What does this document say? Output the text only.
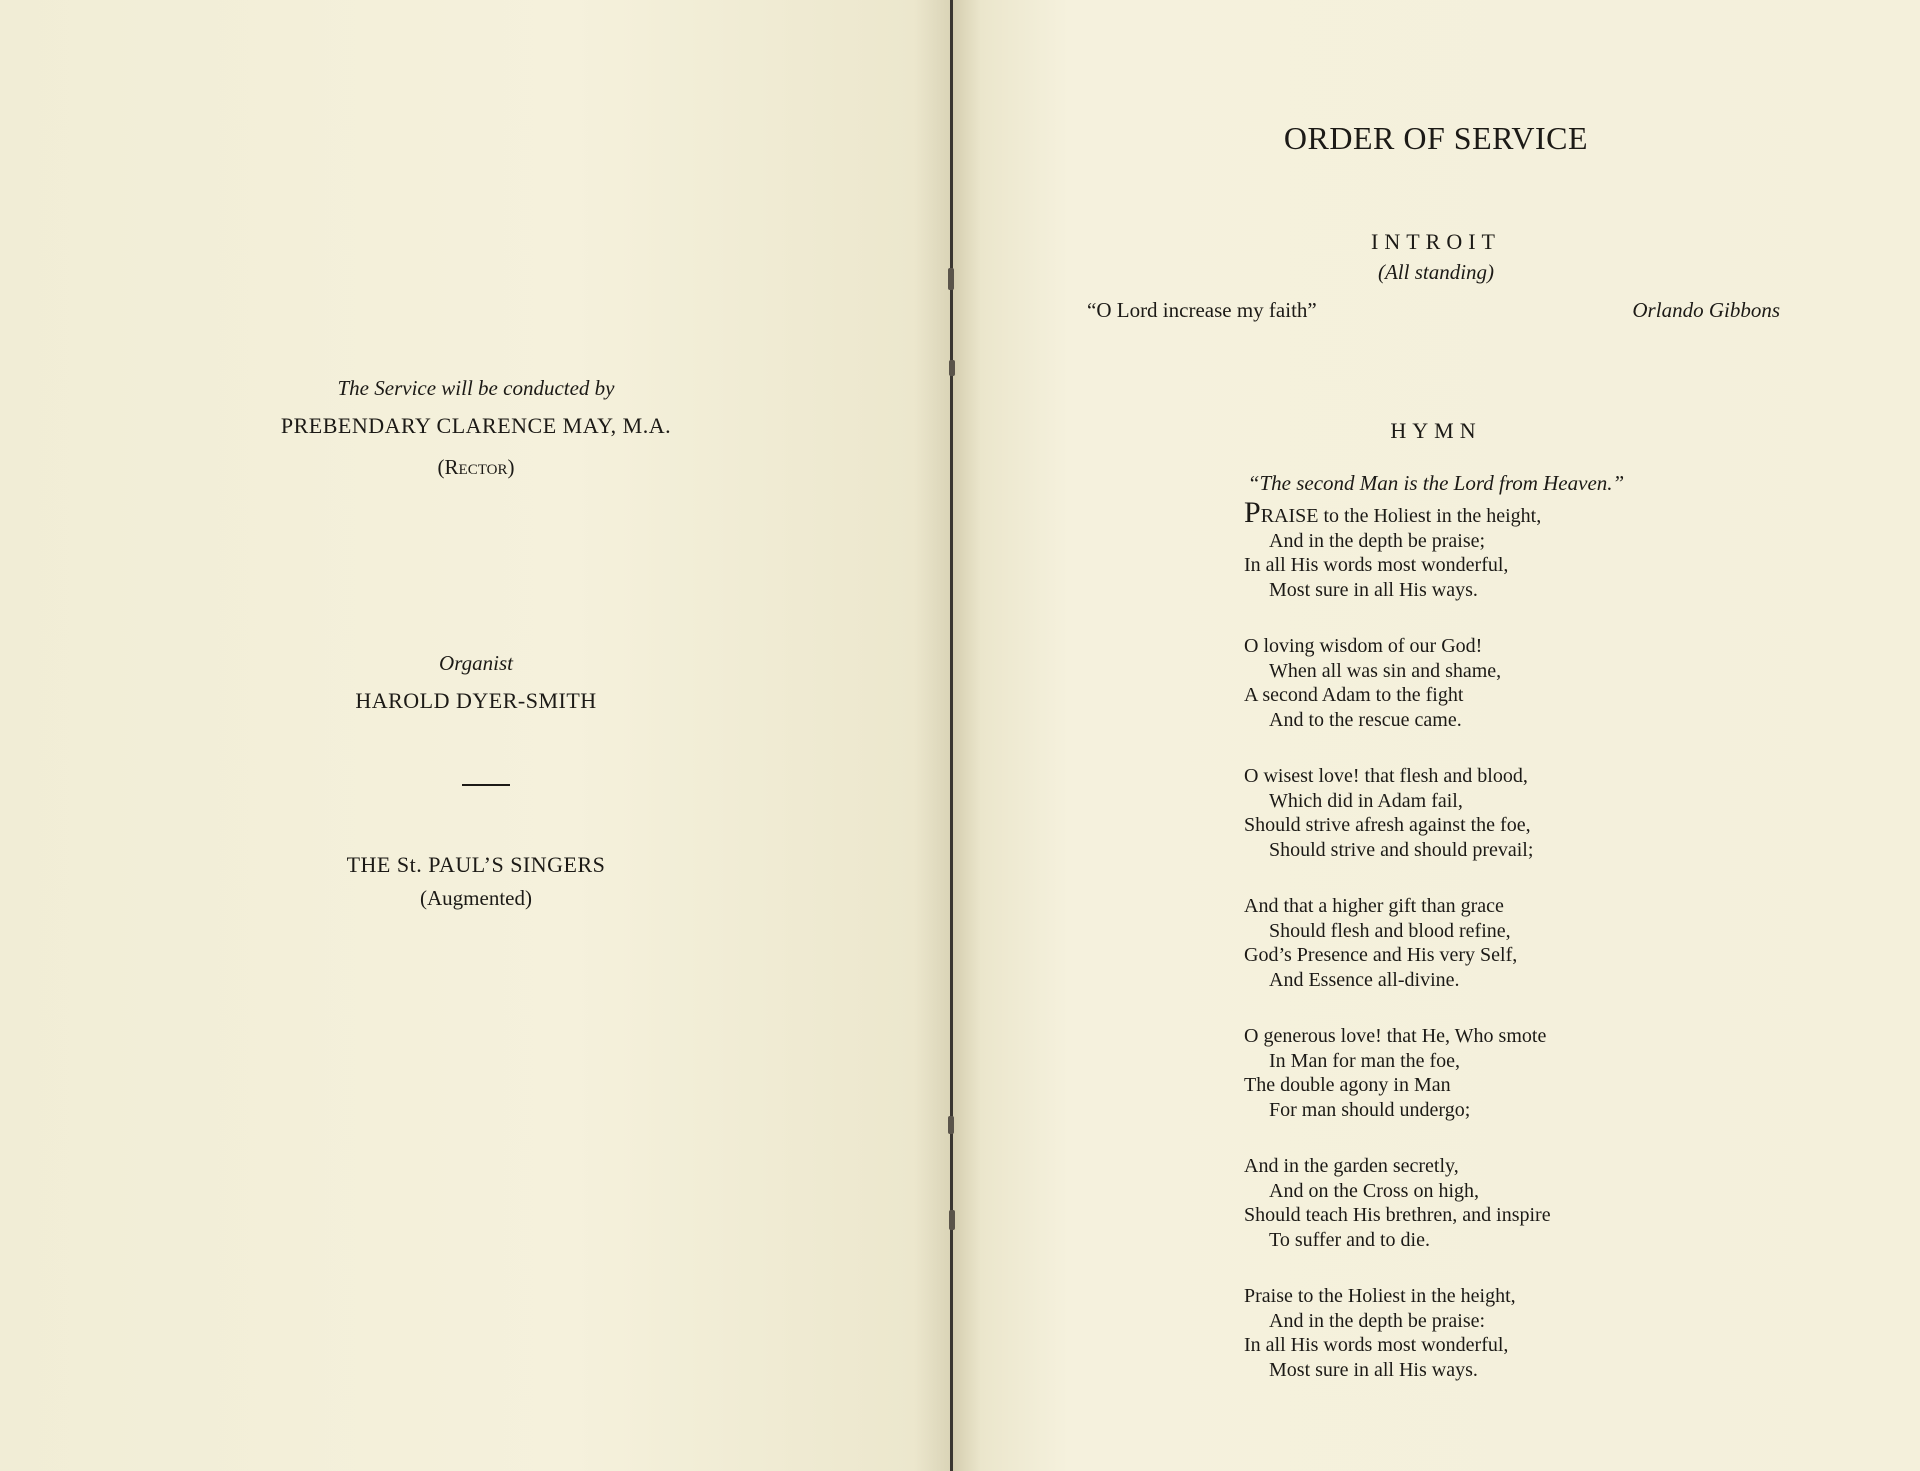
The Service will be conducted by
PREBENDARY CLARENCE MAY, M.A.
(Rector)
Organist
HAROLD DYER-SMITH
THE St. PAUL’S SINGERS
(Augmented)
ORDER OF SERVICE
INTROIT
(All standing)
“O Lord increase my faith”	Orlando Gibbons
HYMN
“The second Man is the Lord from Heaven.”
PRAISE to the Holiest in the height,
And in the depth be praise;
In all His words most wonderful,
Most sure in all His ways.
O loving wisdom of our God!
When all was sin and shame,
A second Adam to the fight
And to the rescue came.
O wisest love! that flesh and blood,
Which did in Adam fail,
Should strive afresh against the foe,
Should strive and should prevail;
And that a higher gift than grace
Should flesh and blood refine,
God’s Presence and His very Self,
And Essence all-divine.
O generous love! that He, Who smote
In Man for man the foe,
The double agony in Man
For man should undergo;
And in the garden secretly,
And on the Cross on high,
Should teach His brethren, and inspire
To suffer and to die.
Praise to the Holiest in the height,
And in the depth be praise:
In all His words most wonderful,
Most sure in all His ways.
